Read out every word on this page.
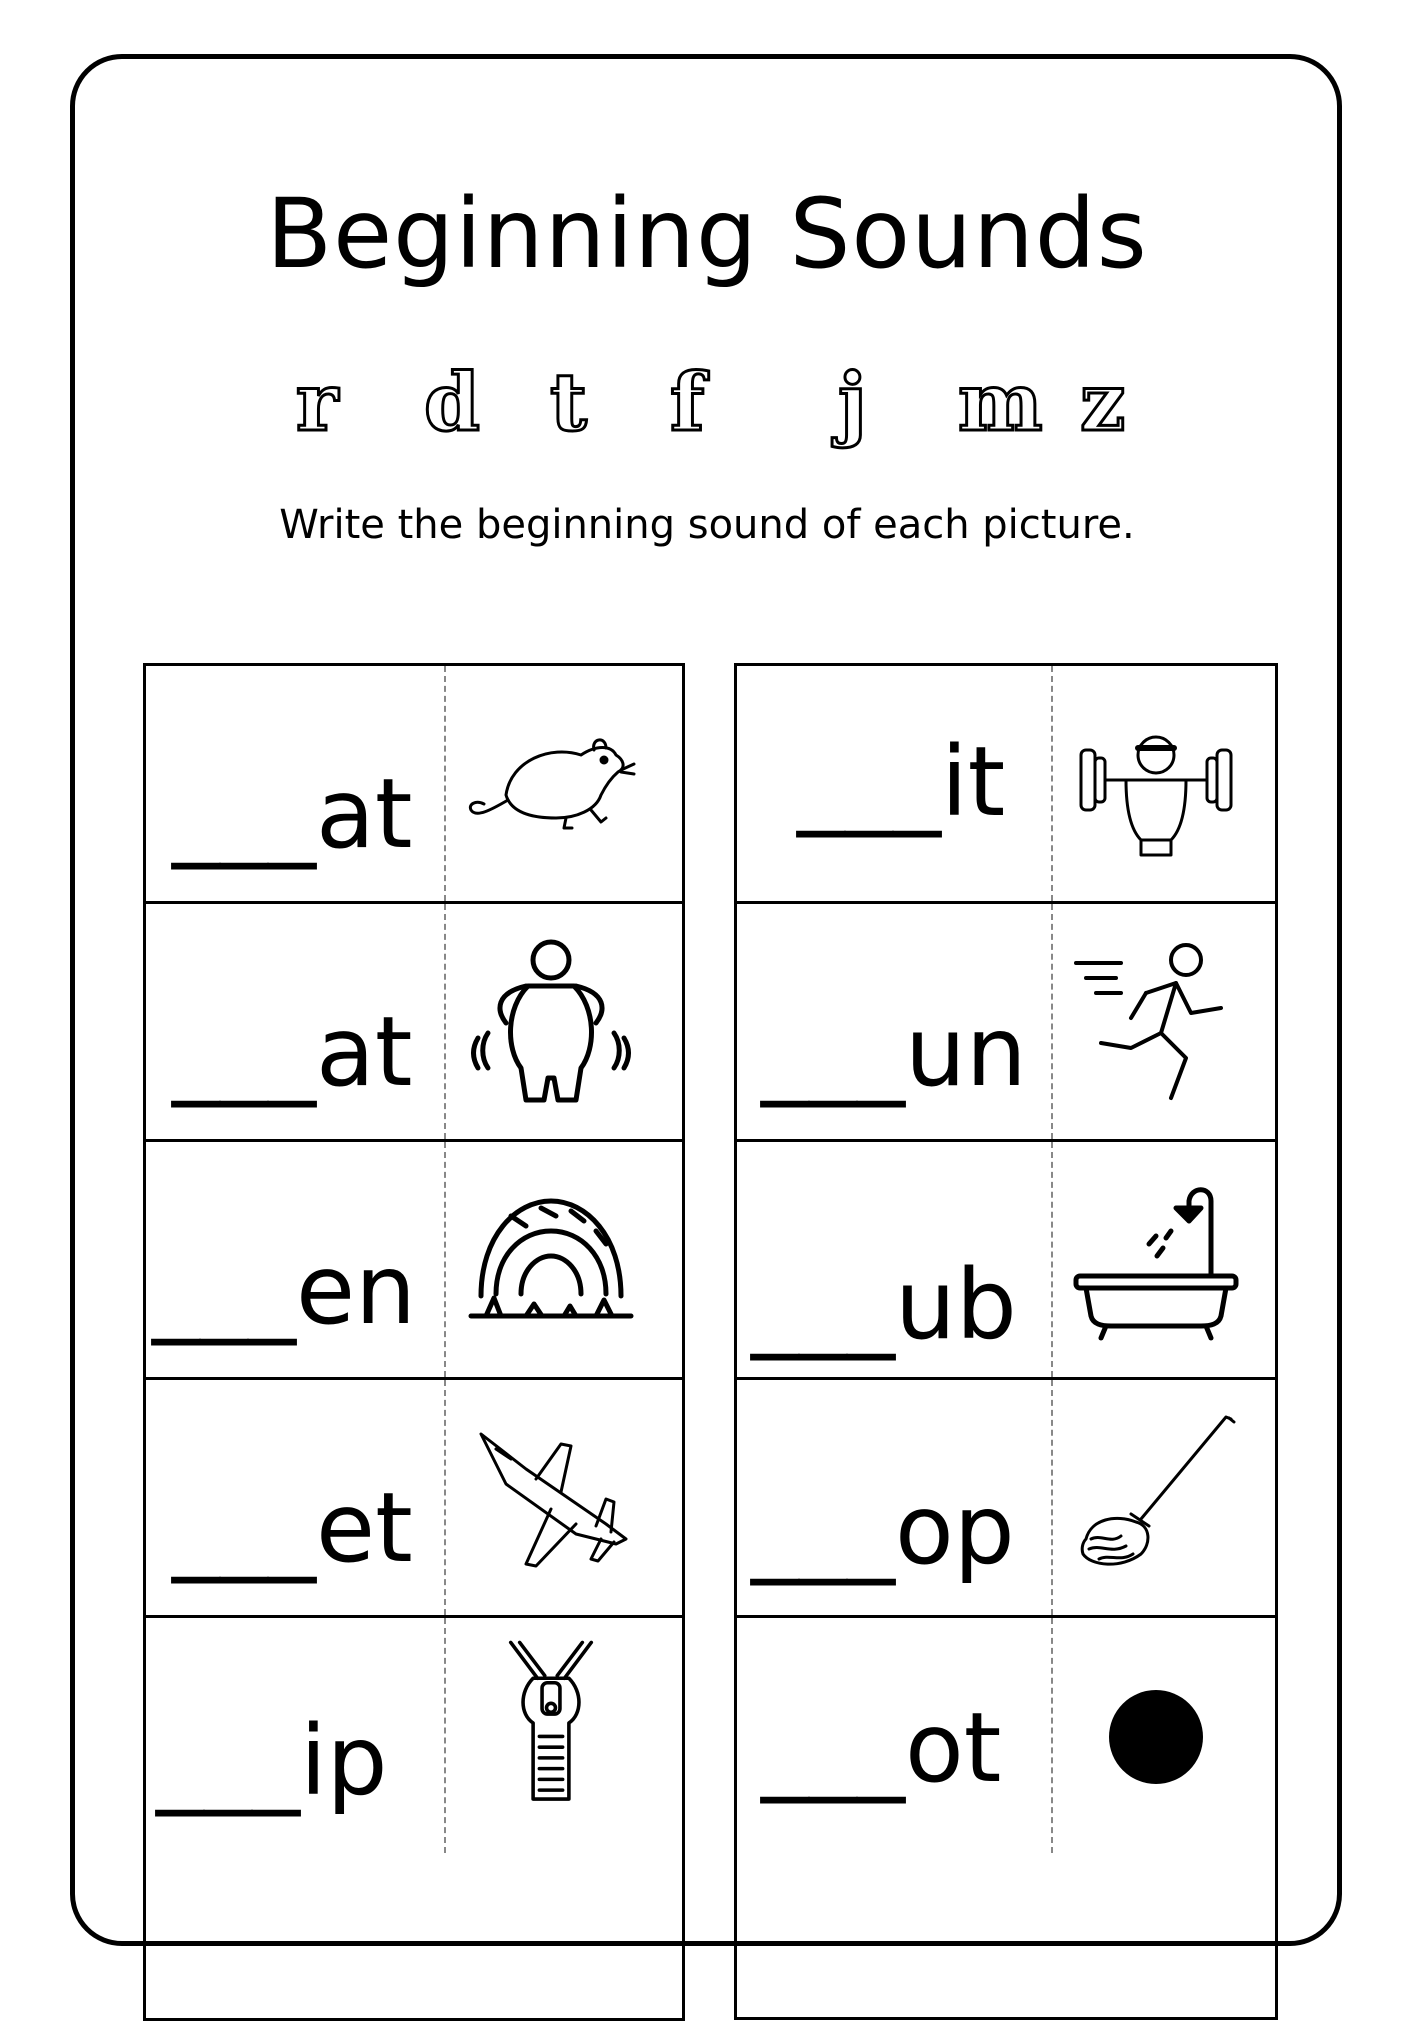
Beginning Sounds
r d t f j m z
Write the beginning sound of each picture.
___at
___at
___en
___et
___ip
___it
___un
___ub
___op
___ot
